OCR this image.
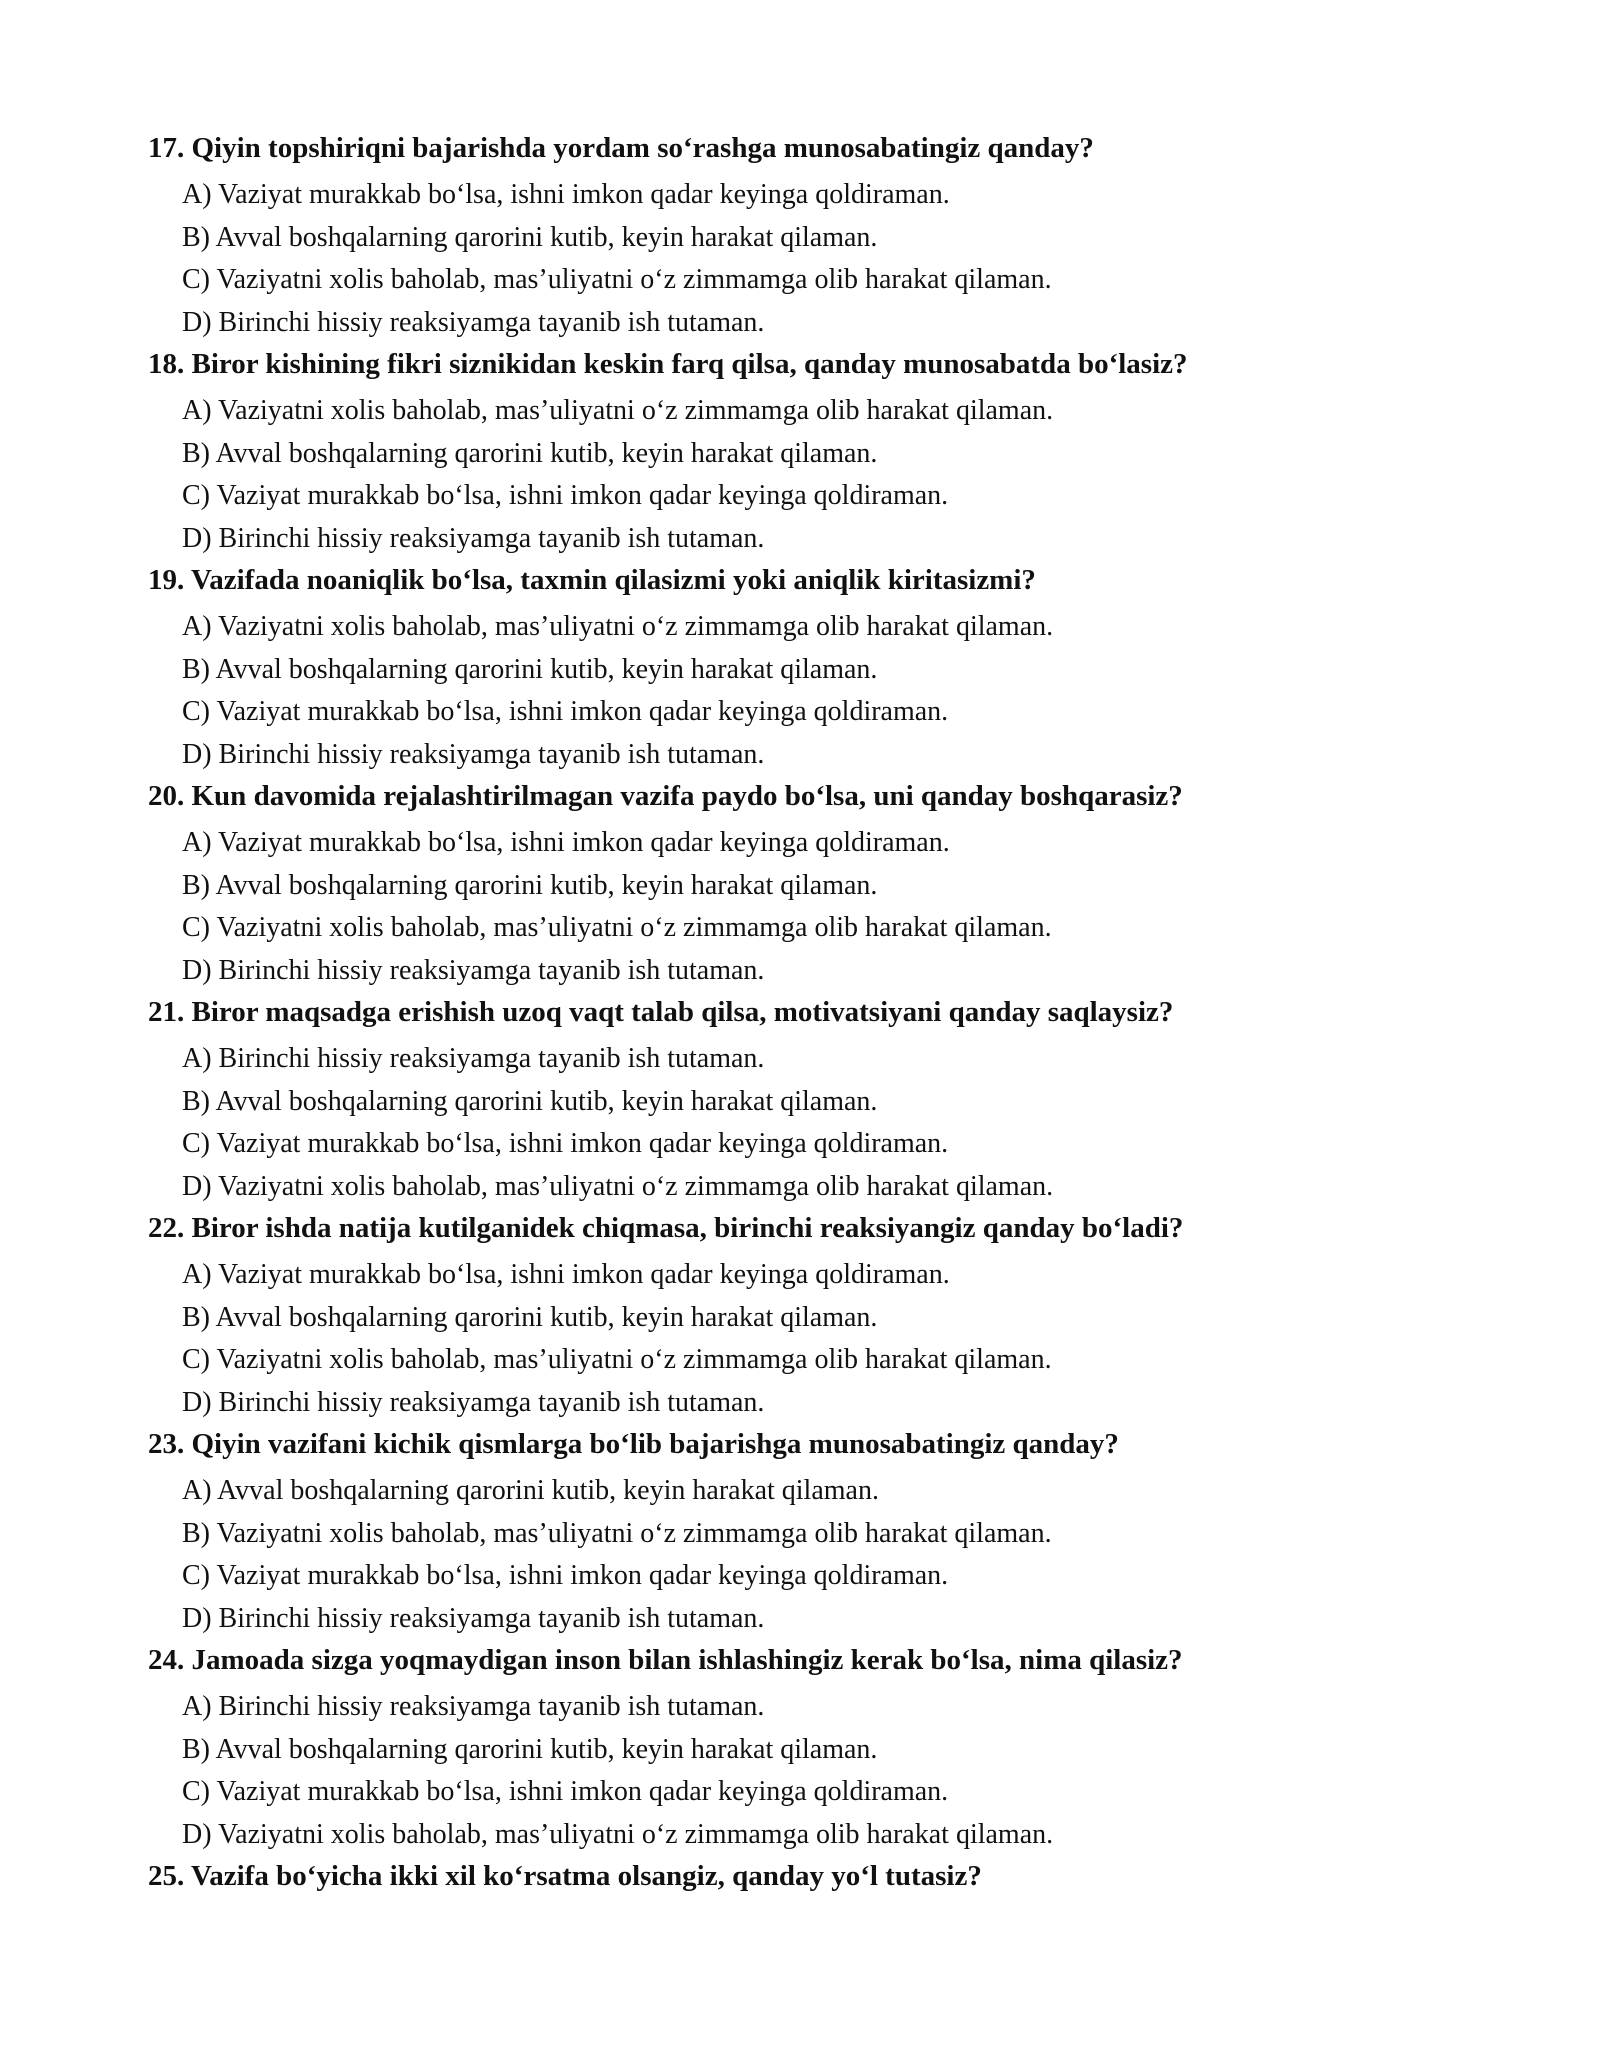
17. Qiyin topshiriqni bajarishda yordam so‘rashga munosabatingiz qanday?
A) Vaziyat murakkab bo‘lsa, ishni imkon qadar keyinga qoldiraman.
B) Avval boshqalarning qarorini kutib, keyin harakat qilaman.
C) Vaziyatni xolis baholab, mas’uliyatni o‘z zimmamga olib harakat qilaman.
D) Birinchi hissiy reaksiyamga tayanib ish tutaman.
18. Biror kishining fikri siznikidan keskin farq qilsa, qanday munosabatda bo‘lasiz?
A) Vaziyatni xolis baholab, mas’uliyatni o‘z zimmamga olib harakat qilaman.
B) Avval boshqalarning qarorini kutib, keyin harakat qilaman.
C) Vaziyat murakkab bo‘lsa, ishni imkon qadar keyinga qoldiraman.
D) Birinchi hissiy reaksiyamga tayanib ish tutaman.
19. Vazifada noaniqlik bo‘lsa, taxmin qilasizmi yoki aniqlik kiritasizmi?
A) Vaziyatni xolis baholab, mas’uliyatni o‘z zimmamga olib harakat qilaman.
B) Avval boshqalarning qarorini kutib, keyin harakat qilaman.
C) Vaziyat murakkab bo‘lsa, ishni imkon qadar keyinga qoldiraman.
D) Birinchi hissiy reaksiyamga tayanib ish tutaman.
20. Kun davomida rejalashtirilmagan vazifa paydo bo‘lsa, uni qanday boshqarasiz?
A) Vaziyat murakkab bo‘lsa, ishni imkon qadar keyinga qoldiraman.
B) Avval boshqalarning qarorini kutib, keyin harakat qilaman.
C) Vaziyatni xolis baholab, mas’uliyatni o‘z zimmamga olib harakat qilaman.
D) Birinchi hissiy reaksiyamga tayanib ish tutaman.
21. Biror maqsadga erishish uzoq vaqt talab qilsa, motivatsiyani qanday saqlaysiz?
A) Birinchi hissiy reaksiyamga tayanib ish tutaman.
B) Avval boshqalarning qarorini kutib, keyin harakat qilaman.
C) Vaziyat murakkab bo‘lsa, ishni imkon qadar keyinga qoldiraman.
D) Vaziyatni xolis baholab, mas’uliyatni o‘z zimmamga olib harakat qilaman.
22. Biror ishda natija kutilganidek chiqmasa, birinchi reaksiyangiz qanday bo‘ladi?
A) Vaziyat murakkab bo‘lsa, ishni imkon qadar keyinga qoldiraman.
B) Avval boshqalarning qarorini kutib, keyin harakat qilaman.
C) Vaziyatni xolis baholab, mas’uliyatni o‘z zimmamga olib harakat qilaman.
D) Birinchi hissiy reaksiyamga tayanib ish tutaman.
23. Qiyin vazifani kichik qismlarga bo‘lib bajarishga munosabatingiz qanday?
A) Avval boshqalarning qarorini kutib, keyin harakat qilaman.
B) Vaziyatni xolis baholab, mas’uliyatni o‘z zimmamga olib harakat qilaman.
C) Vaziyat murakkab bo‘lsa, ishni imkon qadar keyinga qoldiraman.
D) Birinchi hissiy reaksiyamga tayanib ish tutaman.
24. Jamoada sizga yoqmaydigan inson bilan ishlashingiz kerak bo‘lsa, nima qilasiz?
A) Birinchi hissiy reaksiyamga tayanib ish tutaman.
B) Avval boshqalarning qarorini kutib, keyin harakat qilaman.
C) Vaziyat murakkab bo‘lsa, ishni imkon qadar keyinga qoldiraman.
D) Vaziyatni xolis baholab, mas’uliyatni o‘z zimmamga olib harakat qilaman.
25. Vazifa bo‘yicha ikki xil ko‘rsatma olsangiz, qanday yo‘l tutasiz?
